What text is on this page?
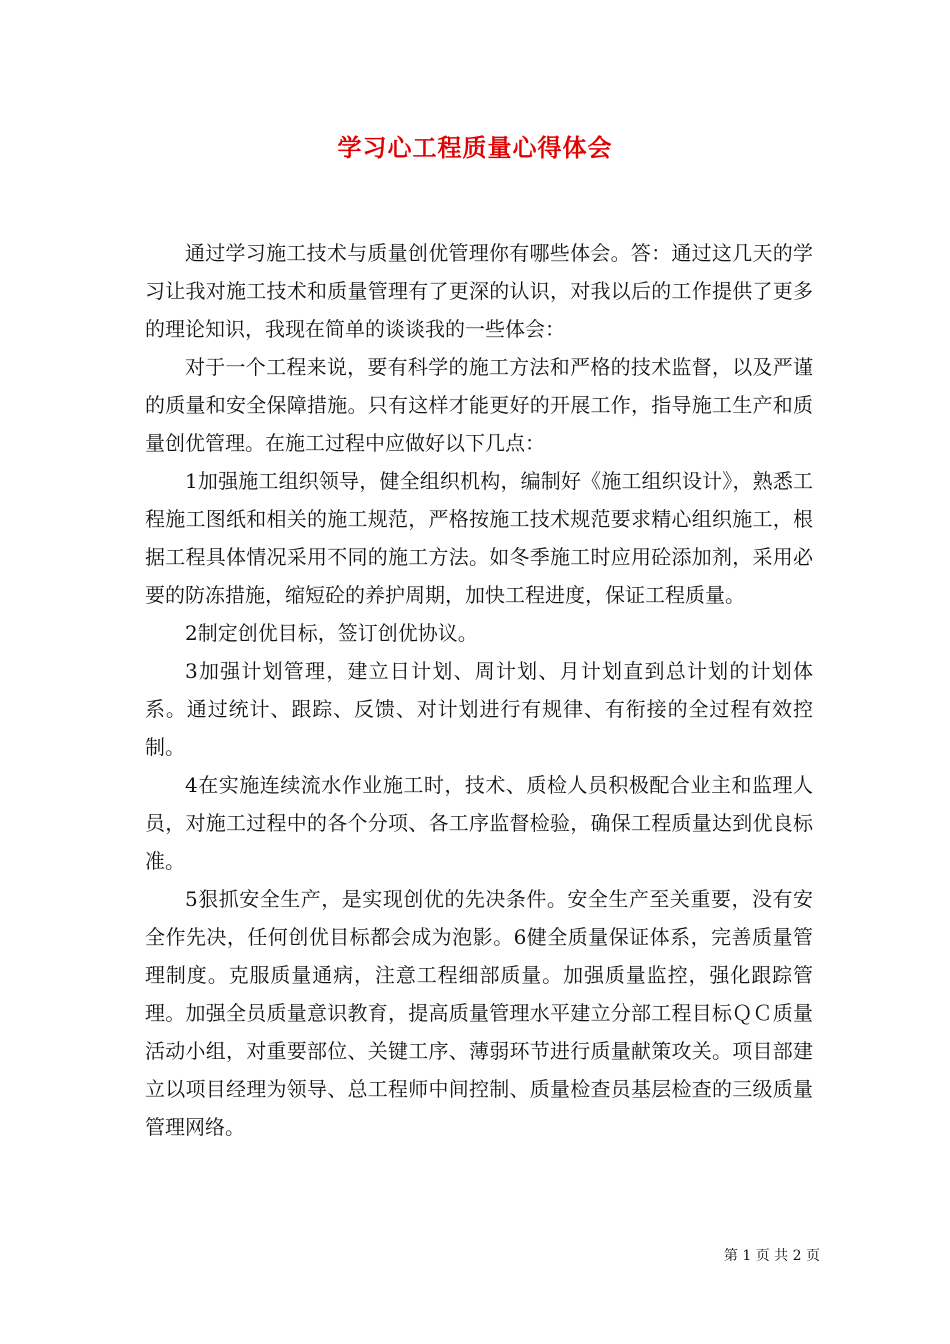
学习心工程质量心得体会

通过学习施工技术与质量创优管理你有哪些体会。答：通过这几天的学习让我对施工技术和质量管理有了更深的认识，对我以后的工作提供了更多的理论知识，我现在简单的谈谈我的一些体会：

对于一个工程来说，要有科学的施工方法和严格的技术监督，以及严谨的质量和安全保障措施。只有这样才能更好的开展工作，指导施工生产和质量创优管理。在施工过程中应做好以下几点：

1加强施工组织领导，健全组织机构，编制好《施工组织设计》，熟悉工程施工图纸和相关的施工规范，严格按施工技术规范要求精心组织施工，根据工程具体情况采用不同的施工方法。如冬季施工时应用砼添加剂，采用必要的防冻措施，缩短砼的养护周期，加快工程进度，保证工程质量。

2制定创优目标，签订创优协议。

3加强计划管理，建立日计划、周计划、月计划直到总计划的计划体系。通过统计、跟踪、反馈、对计划进行有规律、有衔接的全过程有效控制。

4在实施连续流水作业施工时，技术、质检人员积极配合业主和监理人员，对施工过程中的各个分项、各工序监督检验，确保工程质量达到优良标准。

5狠抓安全生产，是实现创优的先决条件。安全生产至关重要，没有安全作先决，任何创优目标都会成为泡影。6健全质量保证体系，完善质量管理制度。克服质量通病，注意工程细部质量。加强质量监控，强化跟踪管理。加强全员质量意识教育，提高质量管理水平建立分部工程目标ＱＣ质量活动小组，对重要部位、关键工序、薄弱环节进行质量献策攻关。项目部建立以项目经理为领导、总工程师中间控制、质量检查员基层检查的三级质量管理网络。

第 1 页 共 2 页
